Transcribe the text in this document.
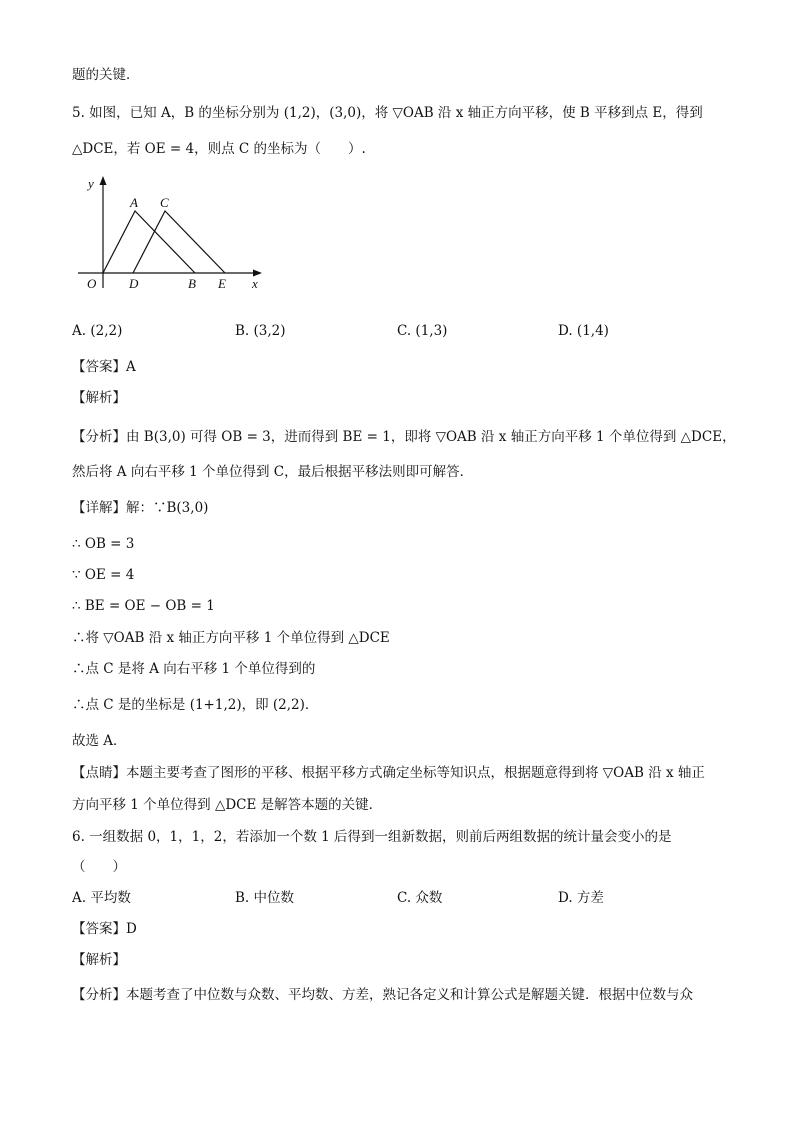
题的关键．
5. 如图，已知 A，B 的坐标分别为 (1,2)，(3,0)，将 ▽OAB 沿 x 轴正方向平移，使 B 平移到点 E，得到
△DCE，若 OE = 4，则点 C 的坐标为（　　）.
y
A C
O	D	B E x
A. (2,2)	B. (3,2)	C. (1,3)	D. (1,4)
【答案】A
【解析】
【分析】由 B(3,0) 可得 OB = 3，进而得到 BE = 1，即将 ▽OAB 沿 x 轴正方向平移 1 个单位得到 △DCE，
然后将 A 向右平移 1 个单位得到 C，最后根据平移法则即可解答．
【详解】解：∵B(3,0)
∴ OB = 3
∵ OE = 4
∴ BE = OE − OB = 1
∴将 ▽OAB 沿 x 轴正方向平移 1 个单位得到 △DCE
∴点 C 是将 A 向右平移 1 个单位得到的
∴点 C 是的坐标是 (1+1,2)，即 (2,2)．
故选 A．
【点睛】本题主要考查了图形的平移、根据平移方式确定坐标等知识点，根据题意得到将 ▽OAB 沿 x 轴正
方向平移 1 个单位得到 △DCE 是解答本题的关键．
6. 一组数据 0，1，1，2，若添加一个数 1 后得到一组新数据，则前后两组数据的统计量会变小的是
（　　）
A. 平均数	B. 中位数	C. 众数	D. 方差
【答案】D
【解析】
【分析】本题考查了中位数与众数、平均数、方差，熟记各定义和计算公式是解题关键．根据中位数与众
